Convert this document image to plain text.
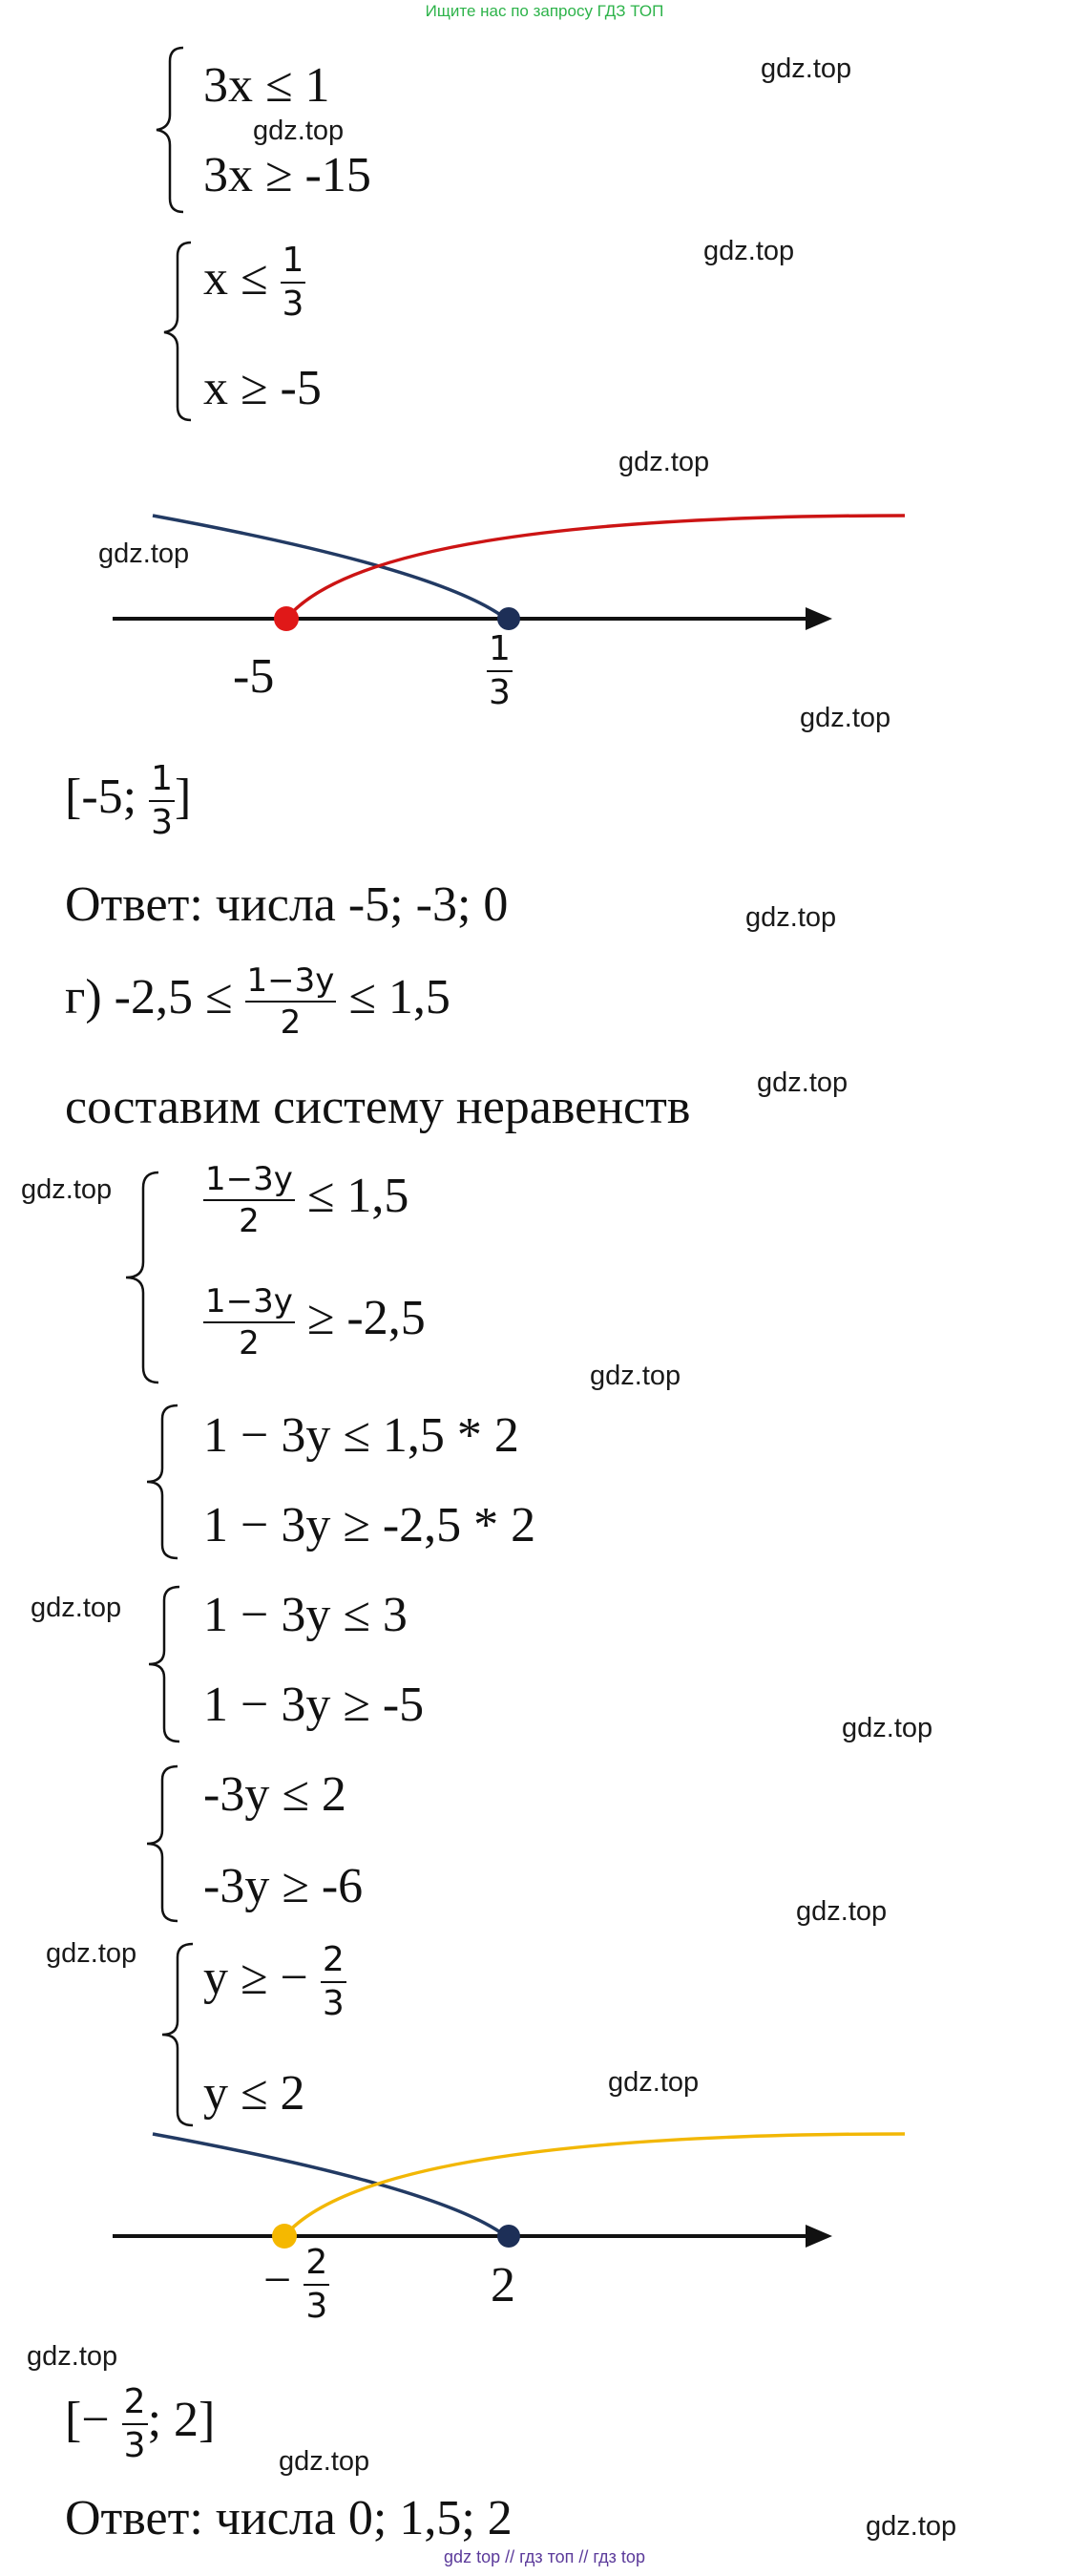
Ищите нас по запросу ГДЗ ТОП
gdz.top
gdz.top
gdz.top
gdz.top
gdz.top
gdz.top
gdz.top
gdz.top
gdz.top
gdz.top
gdz.top
gdz.top
gdz.top
gdz.top
gdz.top
gdz.top
gdz.top
gdz.top
3x ≤ 1
3x ≥ -15
$x \le \frac{1}{3}$
x ≥ -5
-5	$\frac{1}{3}$
[-5; $\frac{1}{3}$ ]
Ответ: числа -5; -3; 0
г) $-2,5 \le \frac{1-3y}{2} \le 1,5$
составим систему неравенств
$\frac{1-3y}{2} \le 1,5$
$\frac{1-3y}{2} \ge -2,5$
1 − 3y ≤ 1,5 * 2
1 − 3y ≥ -2,5 * 2
1 − 3y ≤ 3
1 − 3y ≥ -5
-3y ≤ 2
-3y ≥ -6
y ≥ − $\frac{2}{3}$
y ≤ 2
− $\frac{2}{3}$	2
[− $\frac{2}{3}$ ; 2]
Ответ: числа 0; 1,5; 2
gdz top // гдз топ // гдз top
